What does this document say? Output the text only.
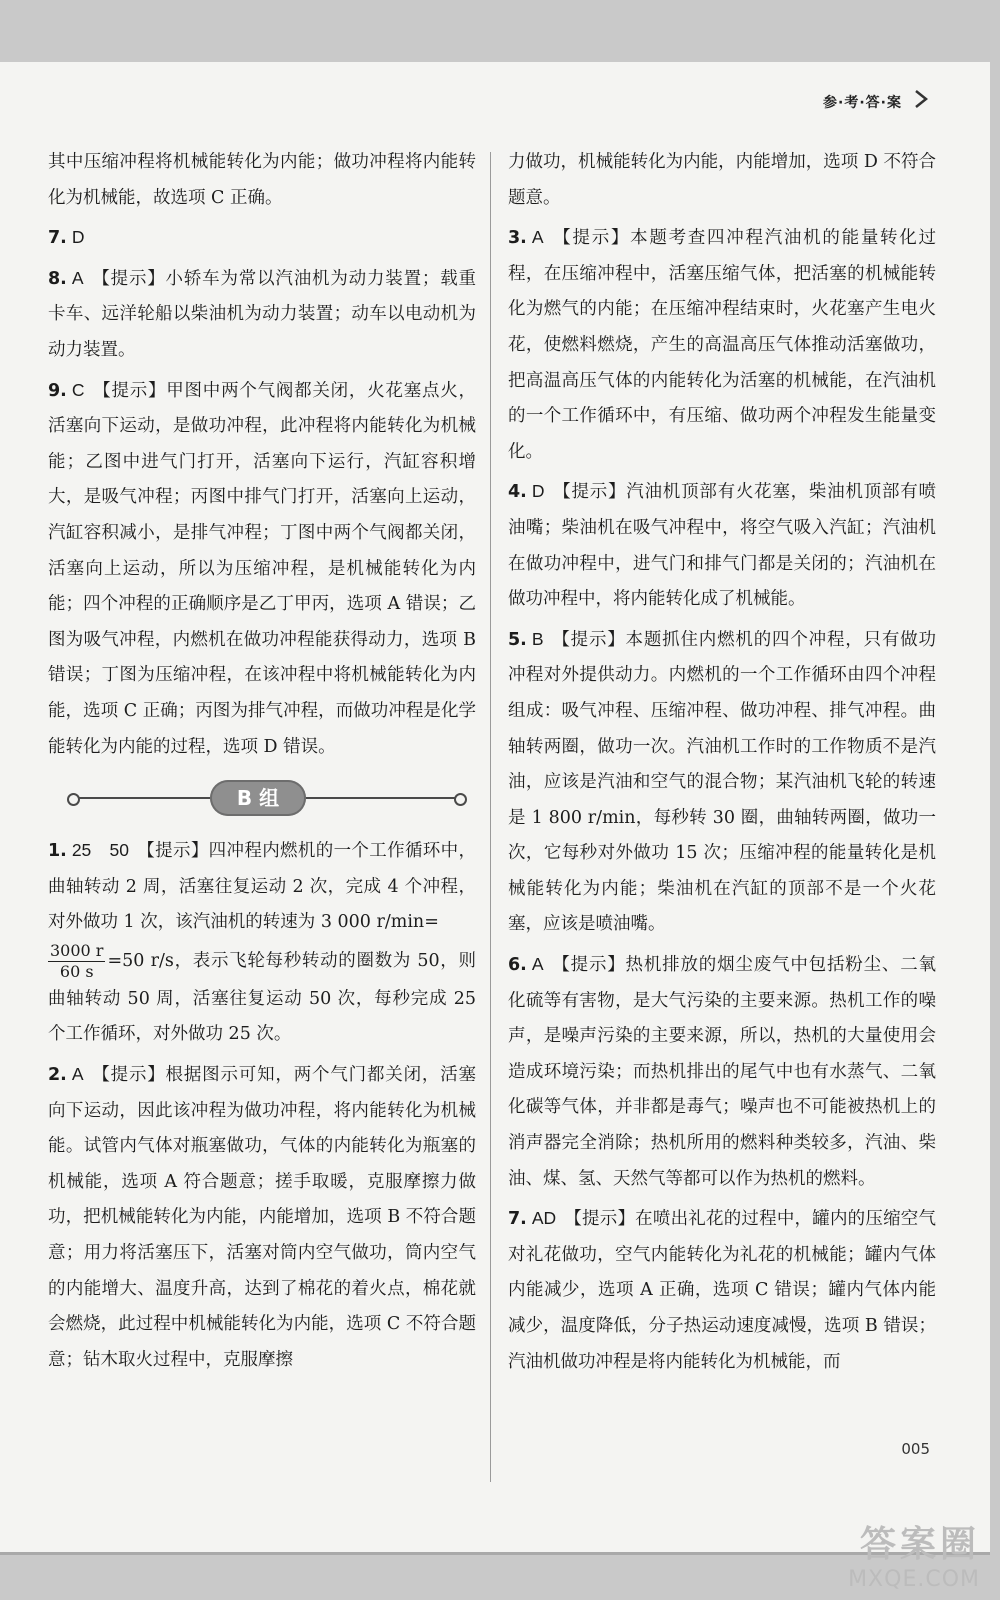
参·考·答·案

其中压缩冲程将机械能转化为内能；做功冲程将内能转化为机械能，故选项 C 正确。

7. D

8. A 【提示】小轿车为常以汽油机为动力装置；载重卡车、远洋轮船以柴油机为动力装置；动车以电动机为动力装置。

9. C 【提示】甲图中两个气阀都关闭，火花塞点火，活塞向下运动，是做功冲程，此冲程将内能转化为机械能；乙图中进气门打开，活塞向下运行，汽缸容积增大，是吸气冲程；丙图中排气门打开，活塞向上运动，汽缸容积减小，是排气冲程；丁图中两个气阀都关闭，活塞向上运动，所以为压缩冲程，是机械能转化为内能；四个冲程的正确顺序是乙丁甲丙，选项 A 错误；乙图为吸气冲程，内燃机在做功冲程能获得动力，选项 B 错误；丁图为压缩冲程，在该冲程中将机械能转化为内能，选项 C 正确；丙图为排气冲程，而做功冲程是化学能转化为内能的过程，选项 D 错误。

B 组

1. 25　50 【提示】四冲程内燃机的一个工作循环中，曲轴转动 2 周，活塞往复运动 2 次，完成 4 个冲程，对外做功 1 次，该汽油机的转速为 3 000 r/min=

$\frac{3000 r}{60 s} =50$ r/s，表示飞轮每秒转动的圈数为 50，则曲轴转动 50 周，活塞往复运动 50 次，每秒完成 25 个工作循环，对外做功 25 次。

2. A 【提示】根据图示可知，两个气门都关闭，活塞向下运动，因此该冲程为做功冲程，将内能转化为机械能。试管内气体对瓶塞做功，气体的内能转化为瓶塞的机械能，选项 A 符合题意；搓手取暖，克服摩擦力做功，把机械能转化为内能，内能增加，选项 B 不符合题意；用力将活塞压下，活塞对筒内空气做功，筒内空气的内能增大、温度升高，达到了棉花的着火点，棉花就会燃烧，此过程中机械能转化为内能，选项 C 不符合题意；钻木取火过程中，克服摩擦

力做功，机械能转化为内能，内能增加，选项 D 不符合题意。

3. A 【提示】本题考查四冲程汽油机的能量转化过程，在压缩冲程中，活塞压缩气体，把活塞的机械能转化为燃气的内能；在压缩冲程结束时，火花塞产生电火花，使燃料燃烧，产生的高温高压气体推动活塞做功，把高温高压气体的内能转化为活塞的机械能，在汽油机的一个工作循环中，有压缩、做功两个冲程发生能量变化。

4. D 【提示】汽油机顶部有火花塞，柴油机顶部有喷油嘴；柴油机在吸气冲程中，将空气吸入汽缸；汽油机在做功冲程中，进气门和排气门都是关闭的；汽油机在做功冲程中，将内能转化成了机械能。

5. B 【提示】本题抓住内燃机的四个冲程，只有做功冲程对外提供动力。内燃机的一个工作循环由四个冲程组成：吸气冲程、压缩冲程、做功冲程、排气冲程。曲轴转两圈，做功一次。汽油机工作时的工作物质不是汽油，应该是汽油和空气的混合物；某汽油机飞轮的转速是 1 800 r/min，每秒转 30 圈，曲轴转两圈，做功一次，它每秒对外做功 15 次；压缩冲程的能量转化是机械能转化为内能；柴油机在汽缸的顶部不是一个火花塞，应该是喷油嘴。

6. A 【提示】热机排放的烟尘废气中包括粉尘、二氧化硫等有害物，是大气污染的主要来源。热机工作的噪声，是噪声污染的主要来源，所以，热机的大量使用会造成环境污染；而热机排出的尾气中也有水蒸气、二氧化碳等气体，并非都是毒气；噪声也不可能被热机上的消声器完全消除；热机所用的燃料种类较多，汽油、柴油、煤、氢、天然气等都可以作为热机的燃料。

7. AD 【提示】在喷出礼花的过程中，罐内的压缩空气对礼花做功，空气内能转化为礼花的机械能；罐内气体内能减少，选项 A 正确，选项 C 错误；罐内气体内能减少，温度降低，分子热运动速度减慢，选项 B 错误；汽油机做功冲程是将内能转化为机械能，而

005
答案圈
MXQE.COM
